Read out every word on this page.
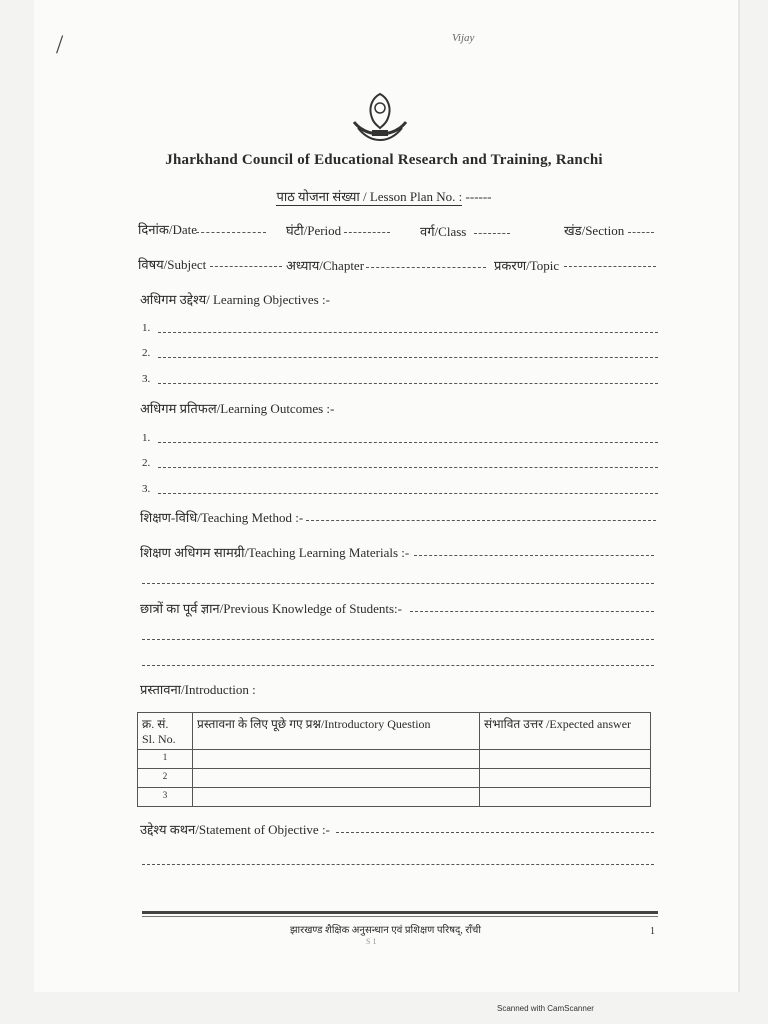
/	Vijay
Jharkhand Council of Educational Research and Training, Ranchi
पाठ योजना संख्या / Lesson Plan No. : ------
दिनांक/Date	घंटी/Period	वर्ग/Class	खंड/Section
विषय/Subject	अध्याय/Chapter	प्रकरण/Topic
अधिगम उद्देश्य/ Learning Objectives :-
1.
2.
3.
अधिगम प्रतिफल/Learning Outcomes :-
1.
2.
3.
शिक्षण-विधि/Teaching Method :-
शिक्षण अधिगम सामग्री/Teaching Learning Materials :-
छात्रों का पूर्व ज्ञान/Previous Knowledge of Students:-
प्रस्तावना/Introduction :
क्र. सं.
Sl. No.	प्रस्तावना के लिए पूछे गए प्रश्न/Introductory Question	संभावित उत्तर /Expected answer
1		
2		
3		
उद्देश्य कथन/Statement of Objective :-
झारखण्ड शैक्षिक अनुसन्धान एवं प्रशिक्षण परिषद्, राँची	1
S 1
Scanned with CamScanner
